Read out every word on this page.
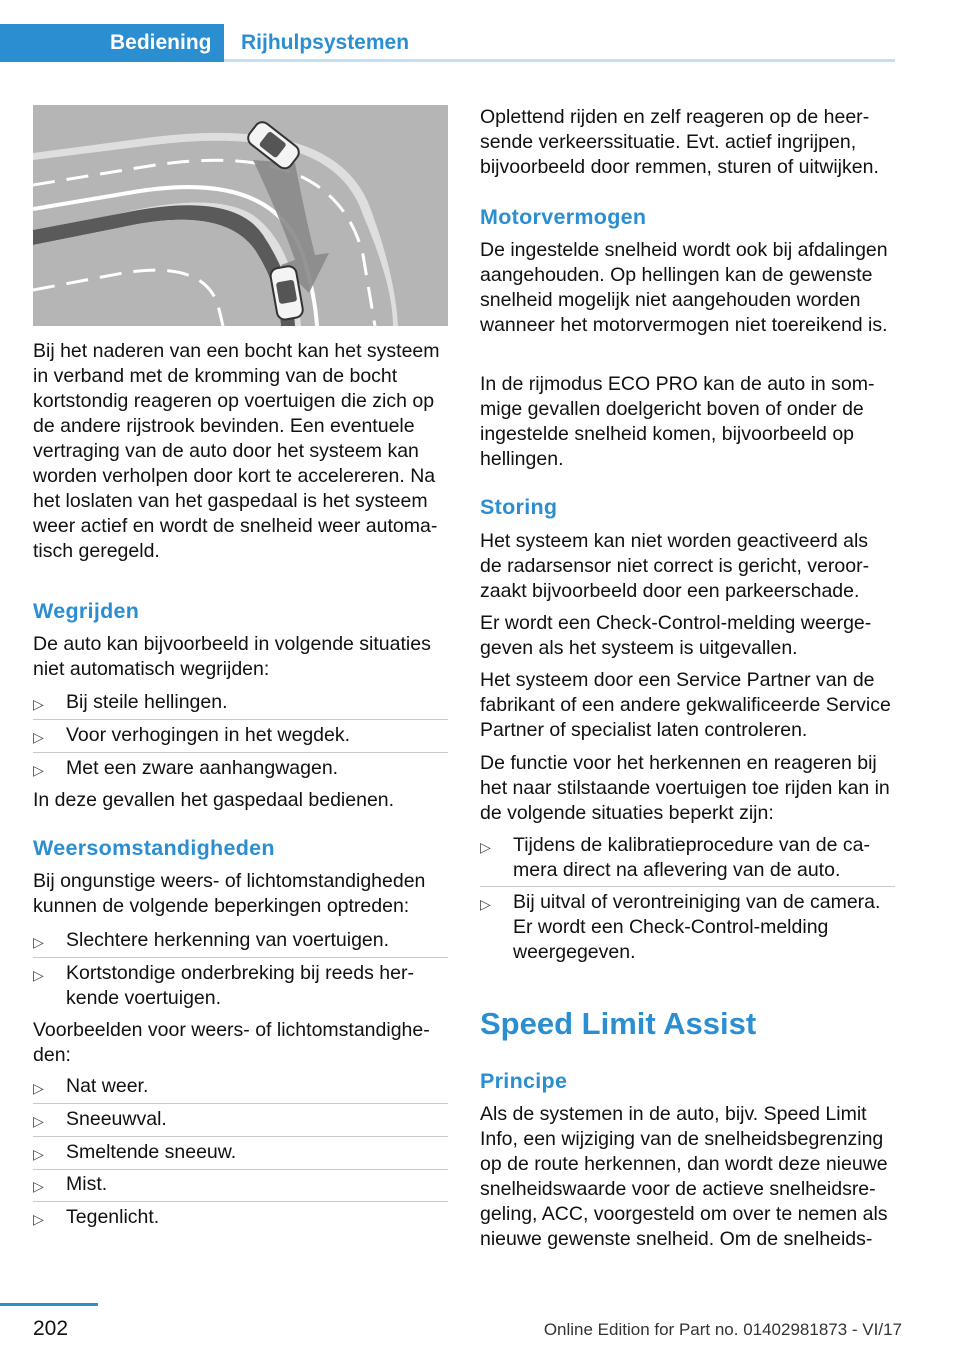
Bediening	Rijhulpsystemen

Bij het naderen van een bocht kan het systeem in verband met de kromming van de bocht kortstondig reageren op voertuigen die zich op de andere rijstrook bevinden. Een eventuele vertraging van de auto door het systeem kan worden verholpen door kort te accelereren. Na het loslaten van het gaspedaal is het systeem weer actief en wordt de snelheid weer automatisch geregeld.

Wegrijden

De auto kan bijvoorbeeld in volgende situaties niet automatisch wegrijden:

▷ Bij steile hellingen.
▷ Voor verhogingen in het wegdek.
▷ Met een zware aanhangwagen.

In deze gevallen het gaspedaal bedienen.

Weersomstandigheden

Bij ongunstige weers- of lichtomstandigheden kunnen de volgende beperkingen optreden:

▷ Slechtere herkenning van voertuigen.
▷ Kortstondige onderbreking bij reeds herkende voertuigen.

Voorbeelden voor weers- of lichtomstandigheden:

▷ Nat weer.
▷ Sneeuwval.
▷ Smeltende sneeuw.
▷ Mist.
▷ Tegenlicht.

Oplettend rijden en zelf reageren op de heersende verkeerssituatie. Evt. actief ingrijpen, bijvoorbeeld door remmen, sturen of uitwijken.

Motorvermogen

De ingestelde snelheid wordt ook bij afdalingen aangehouden. Op hellingen kan de gewenste snelheid mogelijk niet aangehouden worden wanneer het motorvermogen niet toereikend is.

In de rijmodus ECO PRO kan de auto in sommige gevallen doelgericht boven of onder de ingestelde snelheid komen, bijvoorbeeld op hellingen.

Storing

Het systeem kan niet worden geactiveerd als de radarsensor niet correct is gericht, veroorzaakt bijvoorbeeld door een parkeerschade.

Er wordt een Check-Control-melding weergegeven als het systeem is uitgevallen.

Het systeem door een Service Partner van de fabrikant of een andere gekwalificeerde Service Partner of specialist laten controleren.

De functie voor het herkennen en reageren bij het naar stilstaande voertuigen toe rijden kan in de volgende situaties beperkt zijn:

▷ Tijdens de kalibratieprocedure van de camera direct na aflevering van de auto.
▷ Bij uitval of verontreiniging van de camera. Er wordt een Check-Control-melding weergegeven.
Speed Limit Assist
Principe

Als de systemen in de auto, bijv. Speed Limit Info, een wijziging van de snelheidsbegrenzing op de route herkennen, dan wordt deze nieuwe snelheidswaarde voor de actieve snelheidsregeling, ACC, voorgesteld om over te nemen als nieuwe gewenste snelheid. Om de snelheids-

202	Online Edition for Part no. 01402981873 - VI/17
